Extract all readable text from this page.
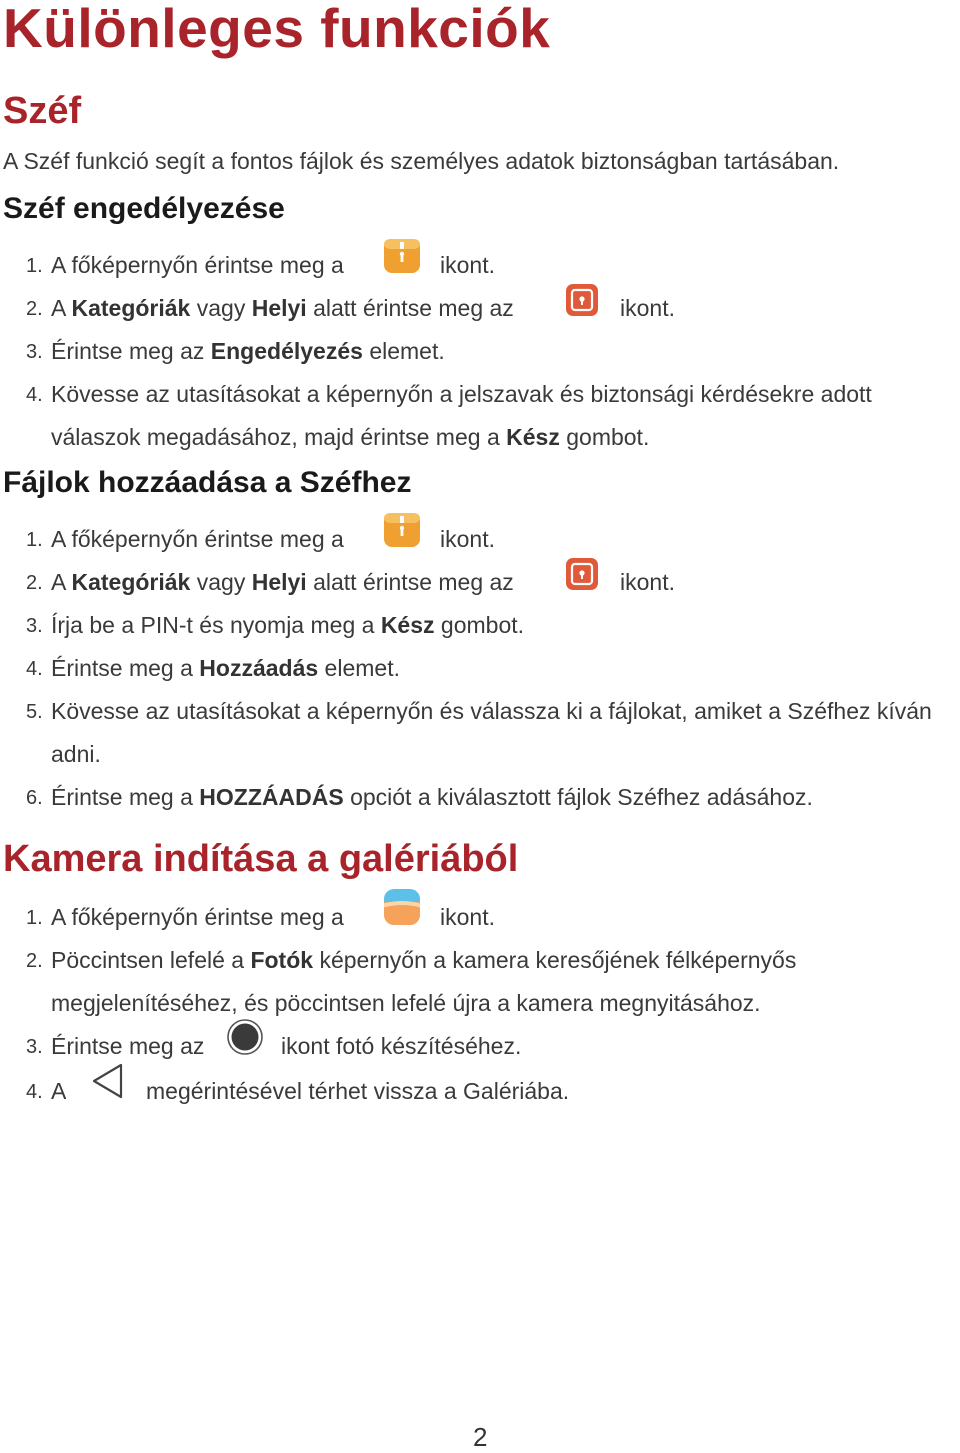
Különleges funkciók
Széf
A Széf funkció segít a fontos fájlok és személyes adatok biztonságban tartásában.
Széf engedélyezése
1. A főképernyőn érintse meg a	ikont.
2. A Kategóriák vagy Helyi alatt érintse meg az	ikont.
3. Érintse meg az Engedélyezés elemet.
4. Kövesse az utasításokat a képernyőn a jelszavak és biztonsági kérdésekre adott
válaszok megadásához, majd érintse meg a Kész gombot.
Fájlok hozzáadása a Széfhez
1. A főképernyőn érintse meg a	ikont.
2. A Kategóriák vagy Helyi alatt érintse meg az	ikont.
3. Írja be a PIN-t és nyomja meg a Kész gombot.
4. Érintse meg a Hozzáadás elemet.
5. Kövesse az utasításokat a képernyőn és válassza ki a fájlokat, amiket a Széfhez kíván
adni.
6. Érintse meg a HOZZÁADÁS opciót a kiválasztott fájlok Széfhez adásához.
Kamera indítása a galériából
1. A főképernyőn érintse meg a	ikont.
2. Pöccintsen lefelé a Fotók képernyőn a kamera keresőjének félképernyős
megjelenítéséhez, és pöccintsen lefelé újra a kamera megnyitásához.
3. Érintse meg az	ikont fotó készítéséhez.
4. A	megérintésével térhet vissza a Galériába.
2
